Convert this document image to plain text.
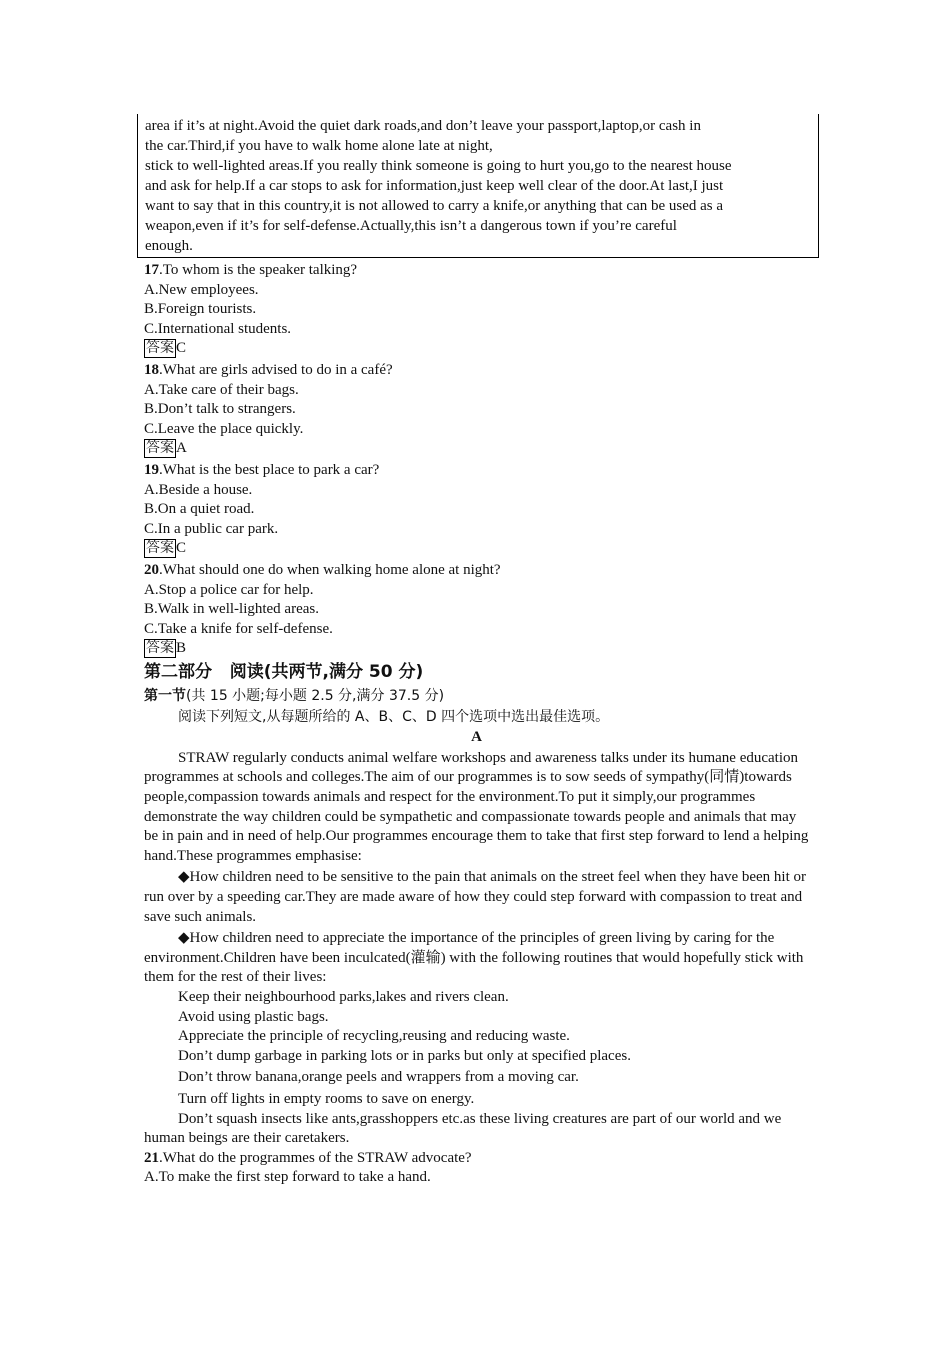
area if it’s at night.Avoid the quiet dark roads,and don’t leave your passport,laptop,or cash in

the car.Third,if you have to walk home alone late at night,

stick to well-lighted areas.If you really think someone is going to hurt you,go to the nearest house

and ask for help.If a car stops to ask for information,just keep well clear of the door.At last,I just

want to say that in this country,it is not allowed to carry a knife,or anything that can be used as a

weapon,even if it’s for self-defense.Actually,this isn’t a dangerous town if you’re careful

enough.

17.To whom is the speaker talking?

A.New employees.

B.Foreign tourists.

C.International students.

答案 C

18.What are girls advised to do in a café?

A.Take care of their bags.

B.Don’t talk to strangers.

C.Leave the place quickly.

答案 A

19.What is the best place to park a car?

A.Beside a house.

B.On a quiet road.

C.In a public car park.

答案 C

20.What should one do when walking home alone at night?

A.Stop a police car for help.

B.Walk in well-lighted areas.

C.Take a knife for self-defense.

答案 B

第二部分 阅读(共两节,满分 50 分)

第一节(共 15 小题;每小题 2.5 分,满分 37.5 分)

阅读下列短文,从每题所给的 A、B、C、D 四个选项中选出最佳选项。

A

STRAW regularly conducts animal welfare workshops and awareness talks under its humane education programmes at schools and colleges.The aim of our programmes is to sow seeds of sympathy(同情)towards people,compassion towards animals and respect for the environment.To put it simply,our programmes demonstrate the way children could be sympathetic and compassionate towards people and animals that may be in pain and in need of help.Our programmes encourage them to take that first step forward to lend a helping hand.These programmes emphasise:

◆How children need to be sensitive to the pain that animals on the street feel when they have been hit or run over by a speeding car.They are made aware of how they could step forward with compassion to treat and save such animals.

◆How children need to appreciate the importance of the principles of green living by caring for the environment.Children have been inculcated(灌输) with the following routines that would hopefully stick with them for the rest of their lives:

Keep their neighbourhood parks,lakes and rivers clean.

Avoid using plastic bags.

Appreciate the principle of recycling,reusing and reducing waste.

Don’t dump garbage in parking lots or in parks but only at specified places.

Don’t throw banana,orange peels and wrappers from a moving car.

Turn off lights in empty rooms to save on energy.

Don’t squash insects like ants,grasshoppers etc.as these living creatures are part of our world and we human beings are their caretakers.

21.What do the programmes of the STRAW advocate?

A.To make the first step forward to take a hand.
